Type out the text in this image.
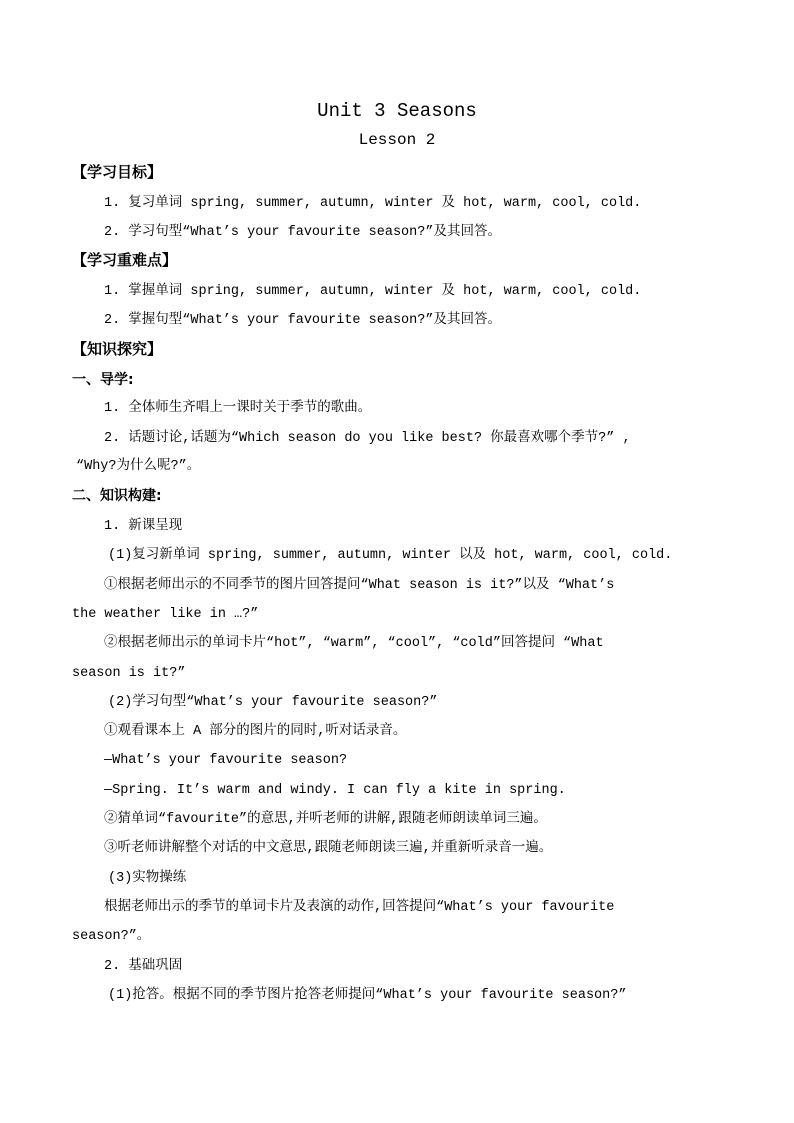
Unit 3 Seasons
Lesson 2
【学习目标】
1. 复习单词 spring, summer, autumn, winter 及 hot, warm, cool, cold.
2. 学习句型“What’s your favourite season?”及其回答。
【学习重难点】
1. 掌握单词 spring, summer, autumn, winter 及 hot, warm, cool, cold.
2. 掌握句型“What’s your favourite season?”及其回答。
【知识探究】
一、导学:
1. 全体师生齐唱上一课时关于季节的歌曲。
2. 话题讨论,话题为“Which season do you like best? 你最喜欢哪个季节?” ,
“Why?为什么呢?”。
二、知识构建:
1. 新课呈现
(1)复习新单词 spring, summer, autumn, winter 以及 hot, warm, cool, cold.
①根据老师出示的不同季节的图片回答提问“What season is it?”以及 “What’s
the weather like in …?”
②根据老师出示的单词卡片“hot”, “warm”, “cool”, “cold”回答提问 “What
season is it?”
(2)学习句型“What’s your favourite season?”
①观看课本上 A 部分的图片的同时,听对话录音。
—What’s your favourite season?
—Spring. It’s warm and windy. I can fly a kite in spring.
②猜单词“favourite”的意思,并听老师的讲解,跟随老师朗读单词三遍。
③听老师讲解整个对话的中文意思,跟随老师朗读三遍,并重新听录音一遍。
(3)实物操练
根据老师出示的季节的单词卡片及表演的动作,回答提问“What’s your favourite
season?”。
2. 基础巩固
(1)抢答。根据不同的季节图片抢答老师提问“What’s your favourite season?”
